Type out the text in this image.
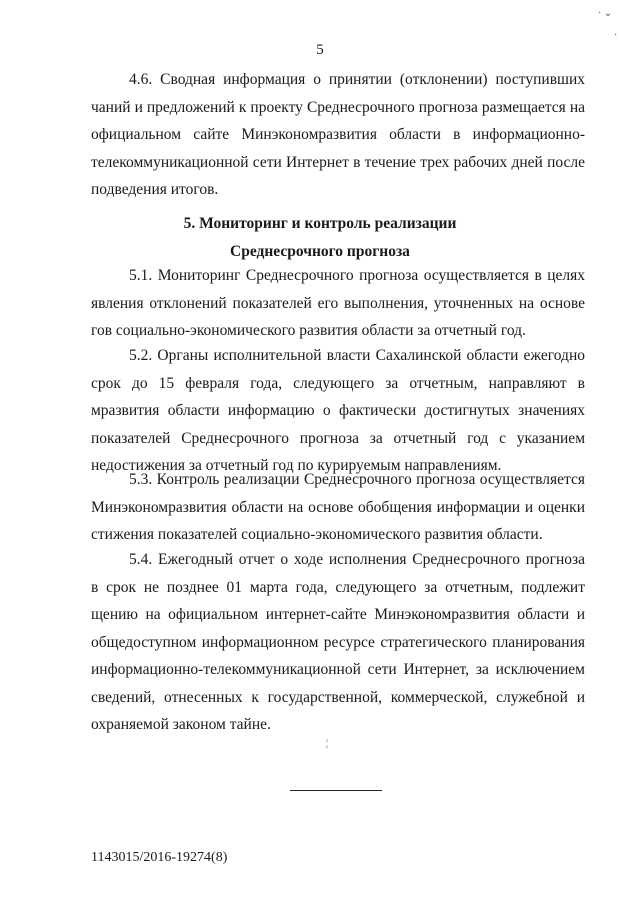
· ⌄
·
5
4.6. Сводная информация о принятии (отклонении) поступивших
чаний и предложений к проекту Среднесрочного прогноза размещается на
официальном сайте Минэкономразвития области в информационно-
телекоммуникационной сети Интернет в течение трех рабочих дней после
подведения итогов.
5. Мониторинг и контроль реализации
Среднесрочного прогноза
5.1. Мониторинг Среднесрочного прогноза осуществляется в целях
явления отклонений показателей его выполнения, уточненных на основе
гов социально-экономического развития области за отчетный год.
5.2. Органы исполнительной власти Сахалинской области ежегодно
срок до 15 февраля года, следующего за отчетным, направляют в
мразвития области информацию о фактически достигнутых значениях
показателей Среднесрочного прогноза за отчетный год с указанием
недостижения за отчетный год по курируемым направлениям.
5.3. Контроль реализации Среднесрочного прогноза осуществляется
Минэкономразвития области на основе обобщения информации и оценки
стижения показателей социально-экономического развития области.
5.4. Ежегодный отчет о ходе исполнения Среднесрочного прогноза
в срок не позднее 01 марта года, следующего за отчетным, подлежит
щению на официальном интернет-сайте Минэкономразвития области и
общедоступном информационном ресурсе стратегического планирования
информационно-телекоммуникационной сети Интернет, за исключением
сведений, отнесенных к государственной, коммерческой, служебной и
охраняемой законом тайне.
¦
1143015/2016-19274(8)
